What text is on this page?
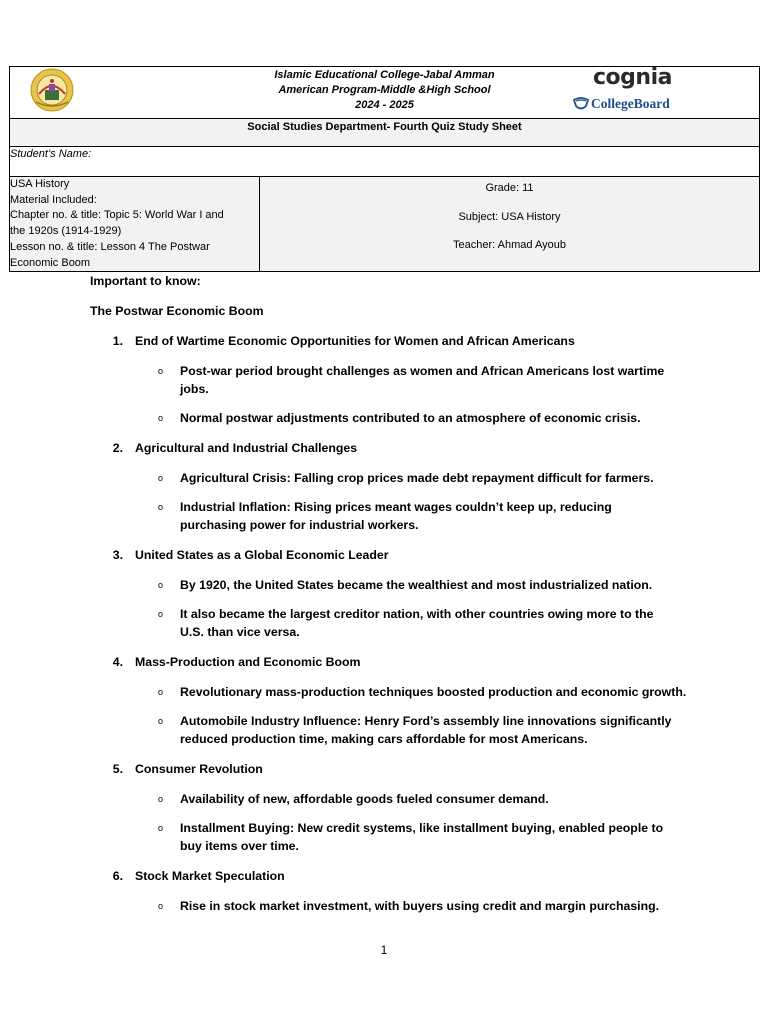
Islamic Educational College-Jabal Amman
American Program-Middle &High School
2024 - 2025
cognia
CollegeBoard

Social Studies Department- Fourth Quiz Study Sheet
Student’s Name:

USA History
Material Included:
Chapter no. & title: Topic 5: World War I and
the 1920s (1914-1929)
Lesson no. & title: Lesson 4 The Postwar
Economic Boom

Grade: 11
Subject: USA History
Teacher: Ahmad Ayoub
Important to know:
The Postwar Economic Boom
1. End of Wartime Economic Opportunities for Women and African Americans
o Post-war period brought challenges as women and African Americans lost wartime jobs.
o Normal postwar adjustments contributed to an atmosphere of economic crisis.
2. Agricultural and Industrial Challenges
o Agricultural Crisis: Falling crop prices made debt repayment difficult for farmers.
o Industrial Inflation: Rising prices meant wages couldn’t keep up, reducing purchasing power for industrial workers.
3. United States as a Global Economic Leader
o By 1920, the United States became the wealthiest and most industrialized nation.
o It also became the largest creditor nation, with other countries owing more to the U.S. than vice versa.
4. Mass-Production and Economic Boom
o Revolutionary mass-production techniques boosted production and economic growth.
o Automobile Industry Influence: Henry Ford’s assembly line innovations significantly reduced production time, making cars affordable for most Americans.
5. Consumer Revolution
o Availability of new, affordable goods fueled consumer demand.
o Installment Buying: New credit systems, like installment buying, enabled people to buy items over time.
6. Stock Market Speculation
o Rise in stock market investment, with buyers using credit and margin purchasing.
1
